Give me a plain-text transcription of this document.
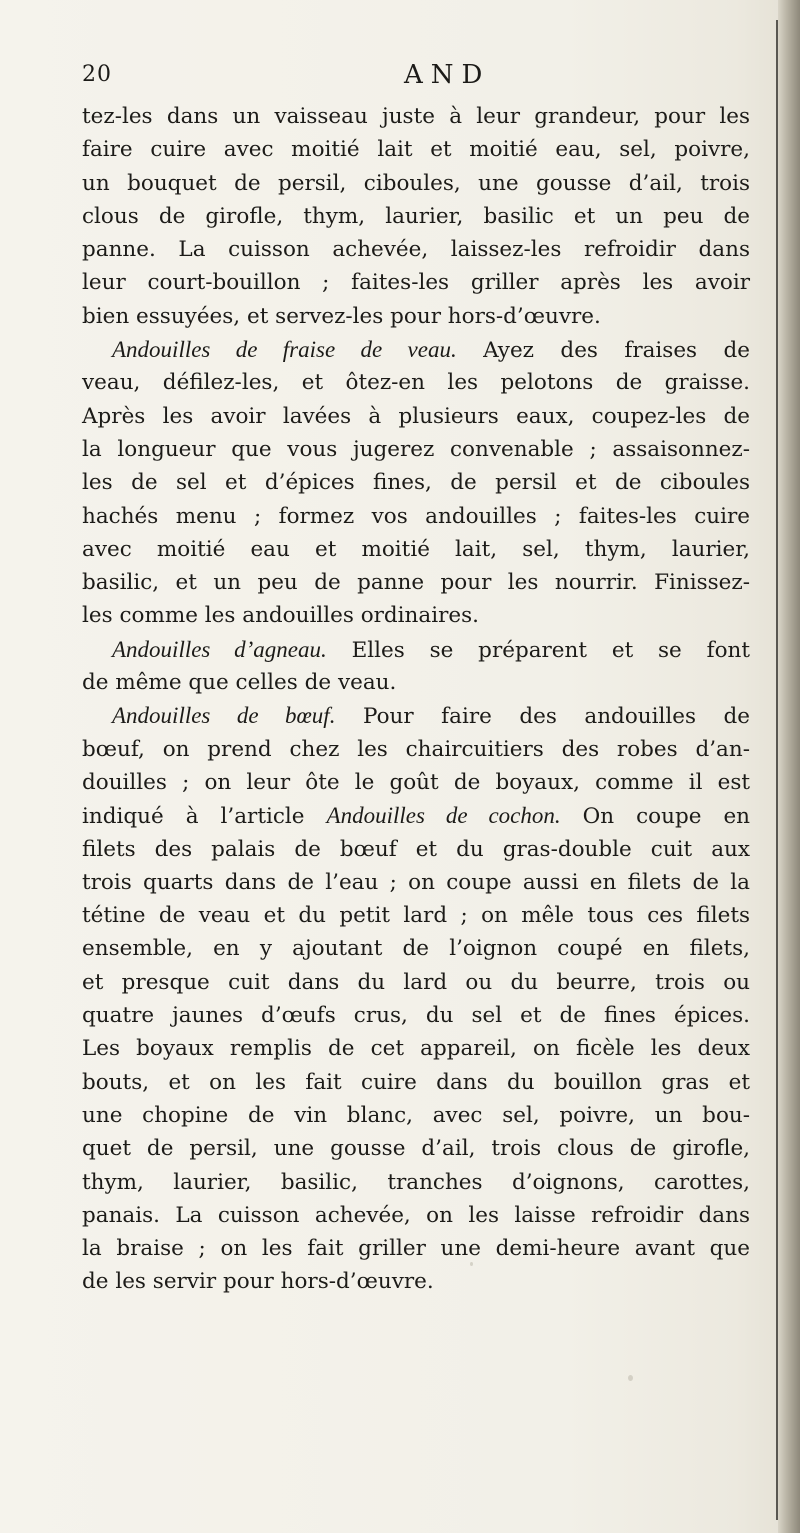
20	AND
tez-les dans un vaisseau juste à leur grandeur, pour les
faire cuire avec moitié lait et moitié eau, sel, poivre,
un bouquet de persil, ciboules, une gousse d’ail, trois
clous de girofle, thym, laurier, basilic et un peu de
panne. La cuisson achevée, laissez-les refroidir dans
leur court-bouillon ; faites-les griller après les avoir
bien essuyées, et servez-les pour hors-d’œuvre.
Andouilles de fraise de veau. Ayez des fraises de
veau, défilez-les, et ôtez-en les pelotons de graisse.
Après les avoir lavées à plusieurs eaux, coupez-les de
la longueur que vous jugerez convenable ; assaisonnez-
les de sel et d’épices fines, de persil et de ciboules
hachés menu ; formez vos andouilles ; faites-les cuire
avec moitié eau et moitié lait, sel, thym, laurier,
basilic, et un peu de panne pour les nourrir. Finissez-
les comme les andouilles ordinaires.
Andouilles d’agneau. Elles se préparent et se font
de même que celles de veau.
Andouilles de bœuf. Pour faire des andouilles de
bœuf, on prend chez les chaircuitiers des robes d’an-
douilles ; on leur ôte le goût de boyaux, comme il est
indiqué à l’article Andouilles de cochon. On coupe en
filets des palais de bœuf et du gras-double cuit aux
trois quarts dans de l’eau ; on coupe aussi en filets de la
tétine de veau et du petit lard ; on mêle tous ces filets
ensemble, en y ajoutant de l’oignon coupé en filets,
et presque cuit dans du lard ou du beurre, trois ou
quatre jaunes d’œufs crus, du sel et de fines épices.
Les boyaux remplis de cet appareil, on ficèle les deux
bouts, et on les fait cuire dans du bouillon gras et
une chopine de vin blanc, avec sel, poivre, un bou-
quet de persil, une gousse d’ail, trois clous de girofle,
thym, laurier, basilic, tranches d’oignons, carottes,
panais. La cuisson achevée, on les laisse refroidir dans
la braise ; on les fait griller une demi-heure avant que
de les servir pour hors-d’œuvre.
